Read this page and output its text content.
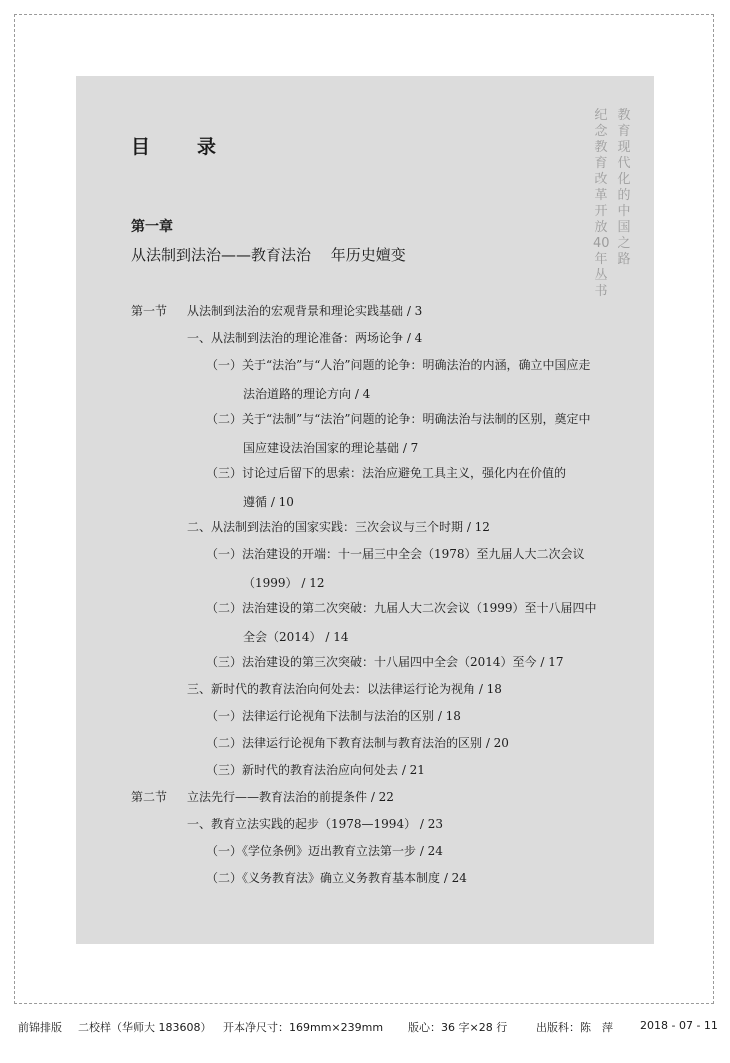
目　录
第一章
从法制到法治——教育法治　 年历史嬗变
教
育
现
代
化
的
中
国
之
路
纪
念
教
育
改
革
开
放
40
年
丛
书
第一节 从法制到法治的宏观背景和理论实践基础 / 3
一、从法制到法治的理论准备：两场论争 / 4
（一）关于“法治”与“人治”问题的论争：明确法治的内涵，确立中国应走
法治道路的理论方向 / 4
（二）关于“法制”与“法治”问题的论争：明确法治与法制的区别，奠定中
国应建设法治国家的理论基础 / 7
（三）讨论过后留下的思索：法治应避免工具主义，强化内在价值的
遵循 / 10
二、从法制到法治的国家实践：三次会议与三个时期 / 12
（一）法治建设的开端：十一届三中全会（1978）至九届人大二次会议
（1999） / 12
（二）法治建设的第二次突破：九届人大二次会议（1999）至十八届四中
全会（2014） / 14
（三）法治建设的第三次突破：十八届四中全会（2014）至今 / 17
三、新时代的教育法治向何处去：以法律运行论为视角 / 18
（一）法律运行论视角下法制与法治的区别 / 18
（二）法律运行论视角下教育法制与教育法治的区别 / 20
（三）新时代的教育法治应向何处去 / 21
第二节 立法先行——教育法治的前提条件 / 22
一、教育立法实践的起步（1978—1994） / 23
（一）《学位条例》迈出教育立法第一步 / 24
（二）《义务教育法》确立义务教育基本制度 / 24
前锦排版 二校样（华师大 183608） 开本净尺寸：169mm×239mm 版心：36 字×28 行	出版科：陈　萍 2018 - 07 - 11
